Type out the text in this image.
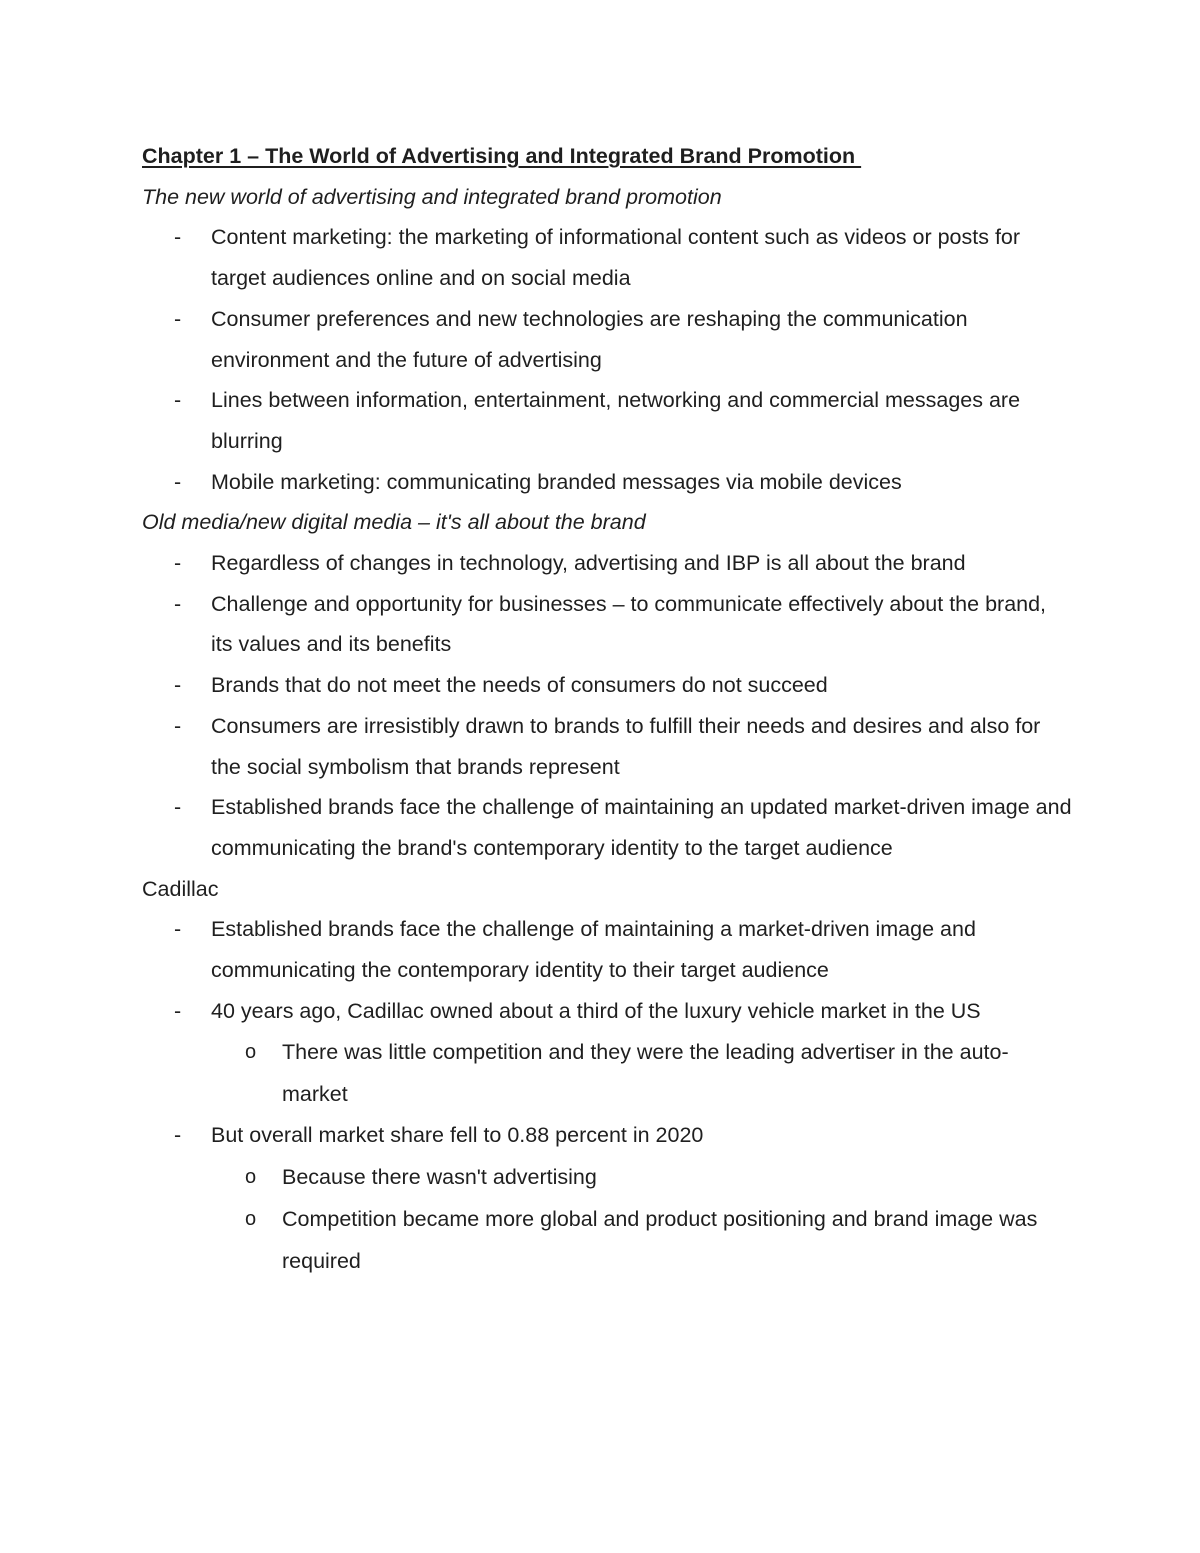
Chapter 1 – The World of Advertising and Integrated Brand Promotion
The new world of advertising and integrated brand promotion
- Content marketing: the marketing of informational content such as videos or posts for target audiences online and on social media
- Consumer preferences and new technologies are reshaping the communication environment and the future of advertising
- Lines between information, entertainment, networking and commercial messages are blurring
- Mobile marketing: communicating branded messages via mobile devices
Old media/new digital media – it's all about the brand
- Regardless of changes in technology, advertising and IBP is all about the brand
- Challenge and opportunity for businesses – to communicate effectively about the brand, its values and its benefits
- Brands that do not meet the needs of consumers do not succeed
- Consumers are irresistibly drawn to brands to fulfill their needs and desires and also for the social symbolism that brands represent
- Established brands face the challenge of maintaining an updated market-driven image and communicating the brand's contemporary identity to the target audience
Cadillac
- Established brands face the challenge of maintaining a market-driven image and communicating the contemporary identity to their target audience
- 40 years ago, Cadillac owned about a third of the luxury vehicle market in the US
o There was little competition and they were the leading advertiser in the auto-market
- But overall market share fell to 0.88 percent in 2020
o Because there wasn't advertising
o Competition became more global and product positioning and brand image was required
